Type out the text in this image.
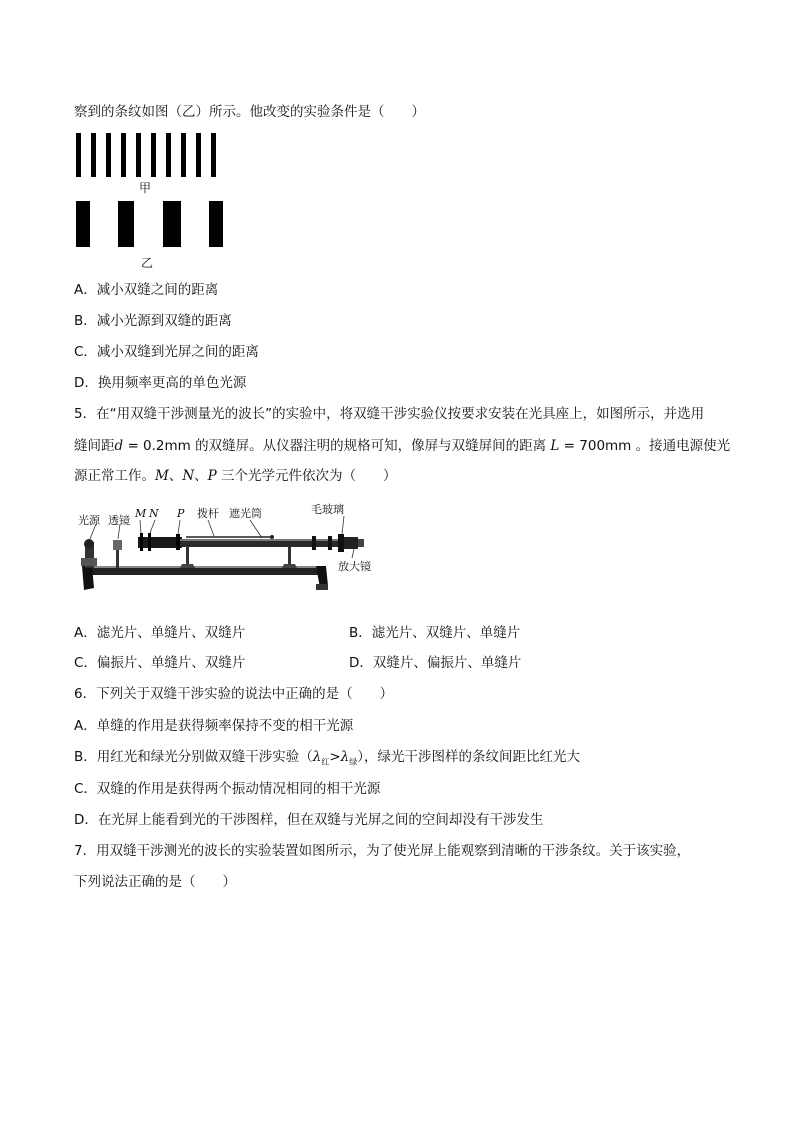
察到的条纹如图（乙）所示。他改变的实验条件是（　　）
甲
乙
A．减小双缝之间的距离
B．减小光源到双缝的距离
C．减小双缝到光屏之间的距离
D．换用频率更高的单色光源
5．在“用双缝干涉测量光的波长”的实验中，将双缝干涉实验仪按要求安装在光具座上，如图所示，并选用
缝间距d = 0.2mm 的双缝屏。从仪器注明的规格可知，像屏与双缝屏间的距离 L = 700mm 。接通电源使光
源正常工作。M、N、P 三个光学元件依次为（　　）
光源 透镜
M N P 拨杆 遮光筒	毛玻璃
放大镜
A．滤光片、单缝片、双缝片	B．滤光片、双缝片、单缝片
C．偏振片、单缝片、双缝片	D．双缝片、偏振片、单缝片
6．下列关于双缝干涉实验的说法中正确的是（　　）
A．单缝的作用是获得频率保持不变的相干光源
B．用红光和绿光分别做双缝干涉实验$(\lambda_红>\lambda_绿)$，绿光干涉图样的条纹间距比红光大
C．双缝的作用是获得两个振动情况相同的相干光源
D．在光屏上能看到光的干涉图样，但在双缝与光屏之间的空间却没有干涉发生
7．用双缝干涉测光的波长的实验装置如图所示，为了使光屏上能观察到清晰的干涉条纹。关于该实验，
下列说法正确的是（　　）
